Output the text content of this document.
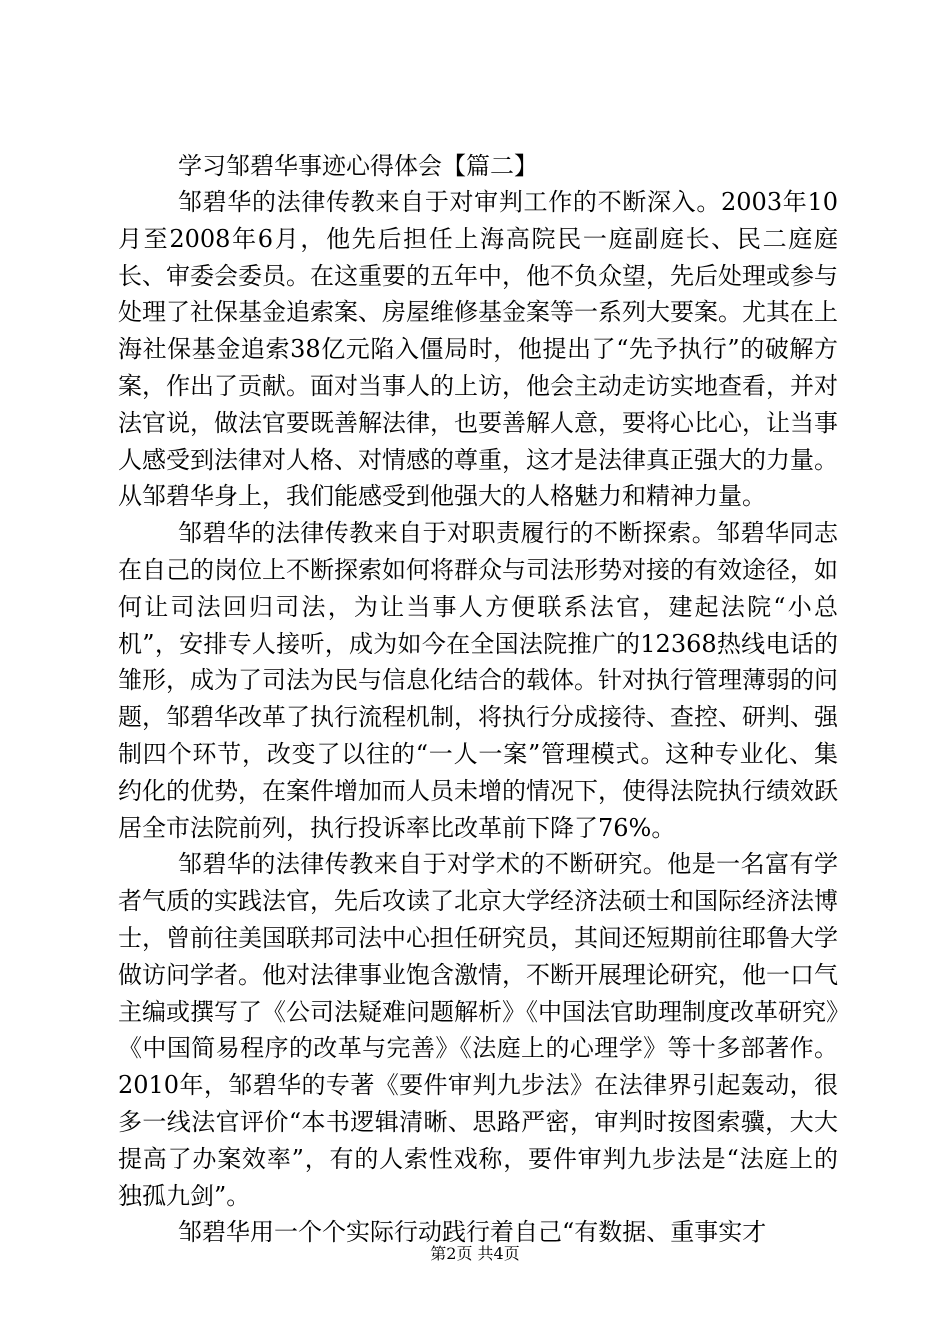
学习邹碧华事迹心得体会【篇二】

邹碧华的法律传教来自于对审判工作的不断深入。2003年10月至2008年6月，他先后担任上海高院民一庭副庭长、民二庭庭长、审委会委员。在这重要的五年中，他不负众望，先后处理或参与处理了社保基金追索案、房屋维修基金案等一系列大要案。尤其在上海社保基金追索38亿元陷入僵局时，他提出了“先予执行”的破解方案，作出了贡献。面对当事人的上访，他会主动走访实地查看，并对法官说，做法官要既善解法律，也要善解人意，要将心比心，让当事人感受到法律对人格、对情感的尊重，这才是法律真正强大的力量。从邹碧华身上，我们能感受到他强大的人格魅力和精神力量。

邹碧华的法律传教来自于对职责履行的不断探索。邹碧华同志在自己的岗位上不断探索如何将群众与司法形势对接的有效途径，如何让司法回归司法，为让当事人方便联系法官，建起法院“小总机”，安排专人接听，成为如今在全国法院推广的12368热线电话的雏形，成为了司法为民与信息化结合的载体。针对执行管理薄弱的问题，邹碧华改革了执行流程机制，将执行分成接待、查控、研判、强制四个环节，改变了以往的“一人一案”管理模式。这种专业化、集约化的优势，在案件增加而人员未增的情况下，使得法院执行绩效跃居全市法院前列，执行投诉率比改革前下降了76%。

邹碧华的法律传教来自于对学术的不断研究。他是一名富有学者气质的实践法官，先后攻读了北京大学经济法硕士和国际经济法博士，曾前往美国联邦司法中心担任研究员，其间还短期前往耶鲁大学做访问学者。他对法律事业饱含激情，不断开展理论研究，他一口气主编或撰写了《公司法疑难问题解析》《中国法官助理制度改革研究》《中国简易程序的改革与完善》《法庭上的心理学》等十多部著作。2010年，邹碧华的专著《要件审判九步法》在法律界引起轰动，很多一线法官评价“本书逻辑清晰、思路严密，审判时按图索骥，大大提高了办案效率”，有的人索性戏称，要件审判九步法是“法庭上的独孤九剑”。

邹碧华用一个个实际行动践行着自己“有数据、重事实才

第2页 共4页
